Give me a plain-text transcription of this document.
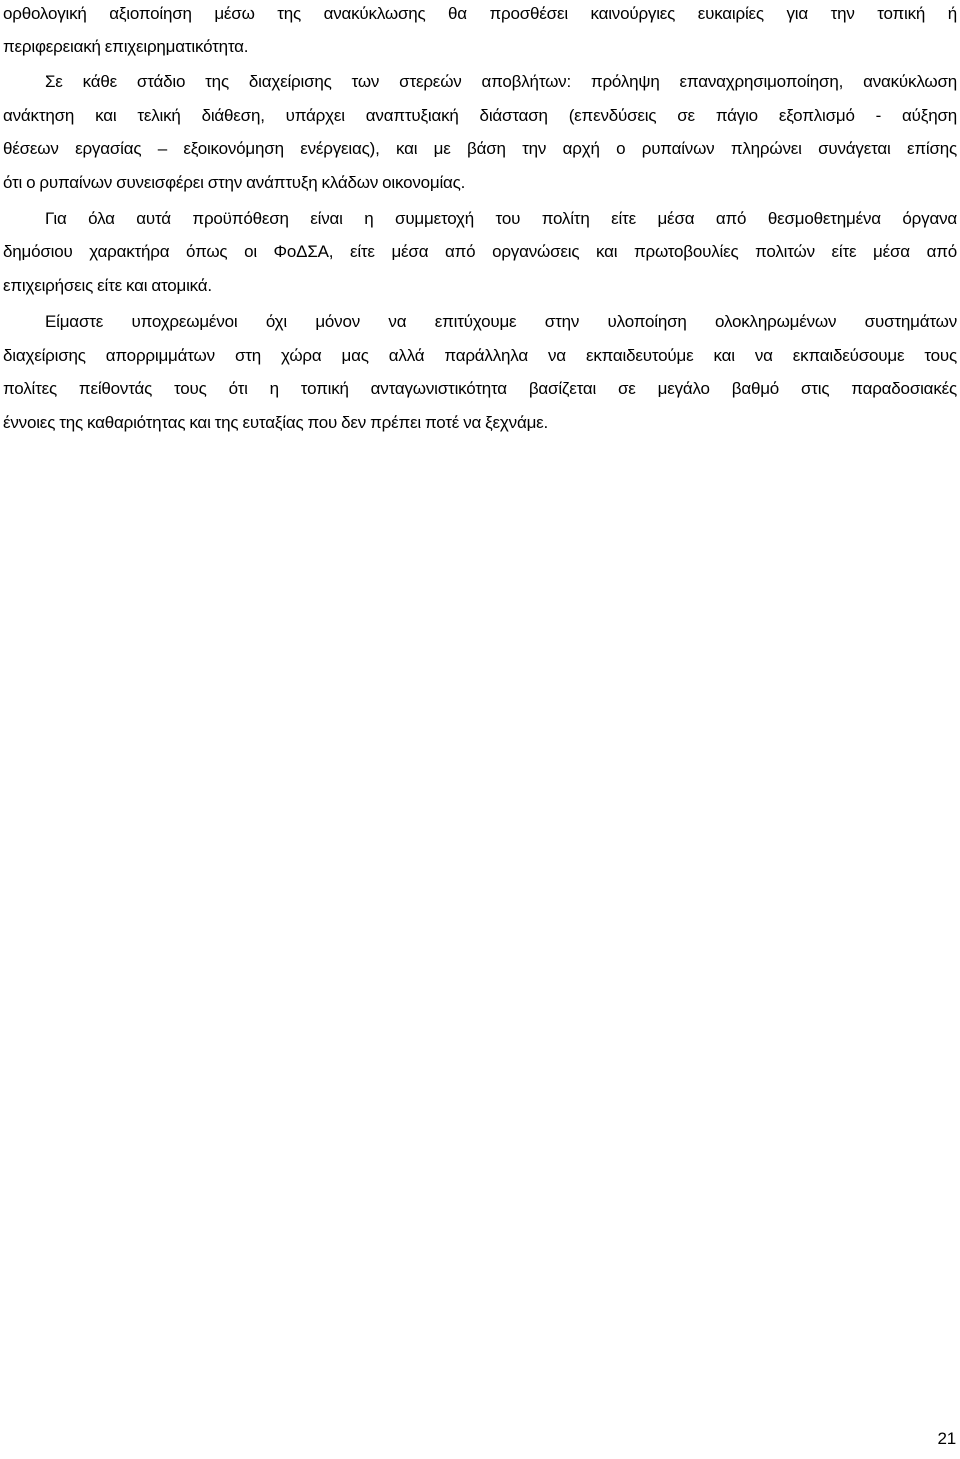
ορθολογική αξιοποίηση μέσω της ανακύκλωσης θα προσθέσει καινούργιες ευκαιρίες για την τοπική ή
περιφερειακή επιχειρηματικότητα.
Σε κάθε στάδιο της διαχείρισης των στερεών αποβλήτων: πρόληψη επαναχρησιμοποίηση, ανακύκλωση
ανάκτηση και τελική διάθεση, υπάρχει αναπτυξιακή διάσταση (επενδύσεις σε πάγιο εξοπλισμό - αύξηση
θέσεων εργασίας – εξοικονόμηση ενέργειας), και με βάση την αρχή ο ρυπαίνων πληρώνει συνάγεται επίσης
ότι ο ρυπαίνων συνεισφέρει στην ανάπτυξη κλάδων οικονομίας.
Για όλα αυτά προϋπόθεση είναι η συμμετοχή του πολίτη είτε μέσα από θεσμοθετημένα όργανα
δημόσιου χαρακτήρα όπως οι ΦοΔΣΑ, είτε μέσα από οργανώσεις και πρωτοβουλίες πολιτών είτε μέσα από
επιχειρήσεις είτε και ατομικά.
Είμαστε υποχρεωμένοι όχι μόνον να επιτύχουμε στην υλοποίηση ολοκληρωμένων συστημάτων
διαχείρισης απορριμμάτων στη χώρα μας αλλά παράλληλα να εκπαιδευτούμε και να εκπαιδεύσουμε τους
πολίτες πείθοντάς τους ότι η τοπική ανταγωνιστικότητα βασίζεται σε μεγάλο βαθμό στις παραδοσιακές
έννοιες της καθαριότητας και της ευταξίας που δεν πρέπει ποτέ να ξεχνάμε.
21
